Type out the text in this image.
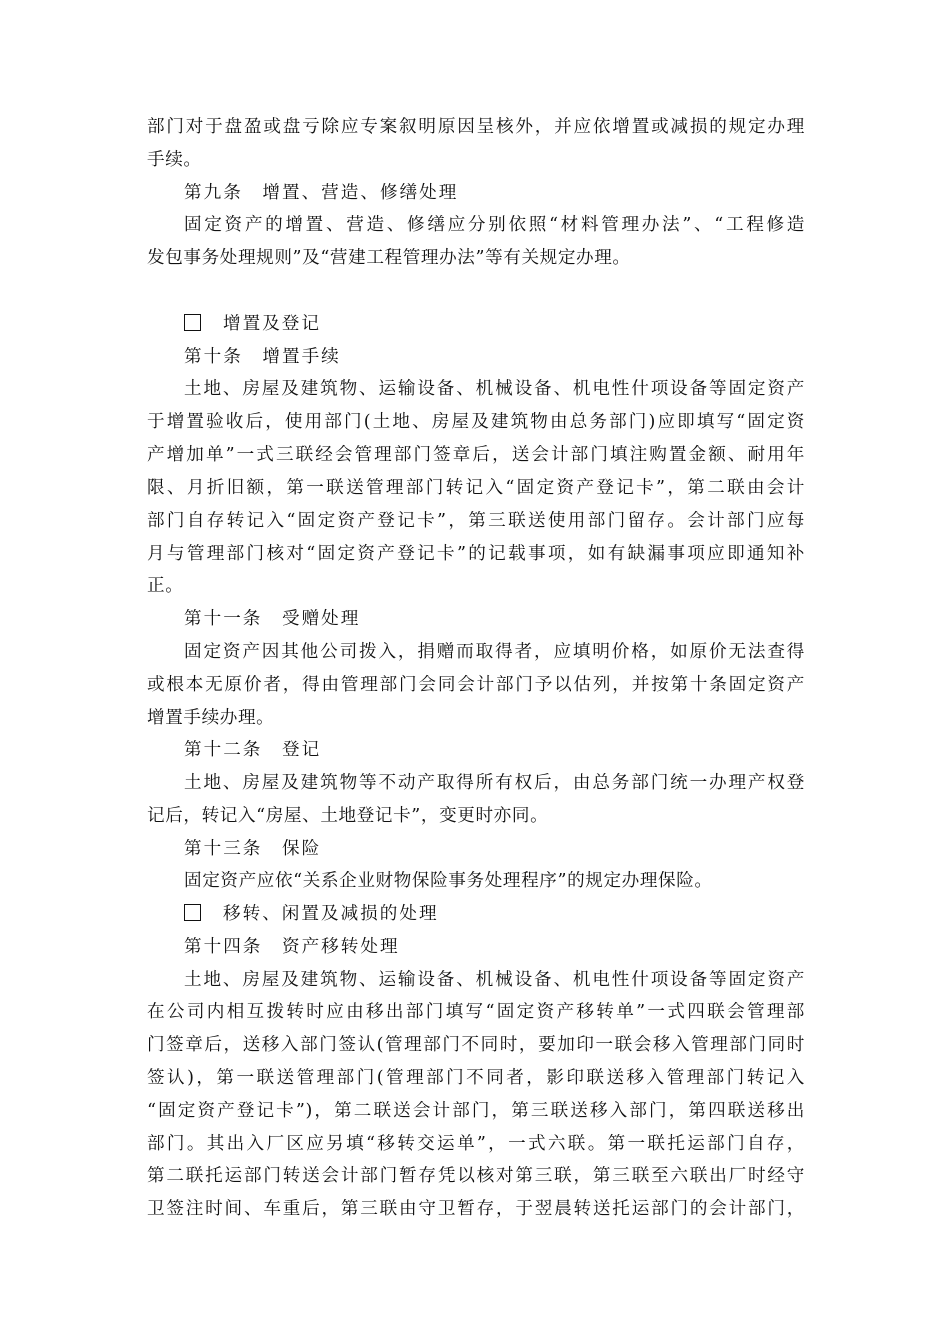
部门对于盘盈或盘亏除应专案叙明原因呈核外，并应依增置或减损的规定办理
手续。
第九条　增置、营造、修缮处理
固定资产的增置、营造、修缮应分别依照“材料管理办法”、“工程修造
发包事务处理规则”及“营建工程管理办法”等有关规定办理。
增置及登记
第十条　增置手续
土地、房屋及建筑物、运输设备、机械设备、机电性什项设备等固定资产
于增置验收后，使用部门(土地、房屋及建筑物由总务部门)应即填写“固定资
产增加单”一式三联经会管理部门签章后，送会计部门填注购置金额、耐用年
限、月折旧额，第一联送管理部门转记入“固定资产登记卡”，第二联由会计
部门自存转记入“固定资产登记卡”，第三联送使用部门留存。会计部门应每
月与管理部门核对“固定资产登记卡”的记载事项，如有缺漏事项应即通知补
正。
第十一条　受赠处理
固定资产因其他公司拨入，捐赠而取得者，应填明价格，如原价无法查得
或根本无原价者，得由管理部门会同会计部门予以估列，并按第十条固定资产
增置手续办理。
第十二条　登记
土地、房屋及建筑物等不动产取得所有权后，由总务部门统一办理产权登
记后，转记入“房屋、土地登记卡”，变更时亦同。
第十三条　保险
固定资产应依“关系企业财物保险事务处理程序”的规定办理保险。
移转、闲置及减损的处理
第十四条　资产移转处理
土地、房屋及建筑物、运输设备、机械设备、机电性什项设备等固定资产
在公司内相互拨转时应由移出部门填写“固定资产移转单”一式四联会管理部
门签章后，送移入部门签认(管理部门不同时，要加印一联会移入管理部门同时
签认)，第一联送管理部门(管理部门不同者，影印联送移入管理部门转记入
“固定资产登记卡”)，第二联送会计部门，第三联送移入部门，第四联送移出
部门。其出入厂区应另填“移转交运单”，一式六联。第一联托运部门自存，
第二联托运部门转送会计部门暂存凭以核对第三联，第三联至六联出厂时经守
卫签注时间、车重后，第三联由守卫暂存，于翌晨转送托运部门的会计部门，
